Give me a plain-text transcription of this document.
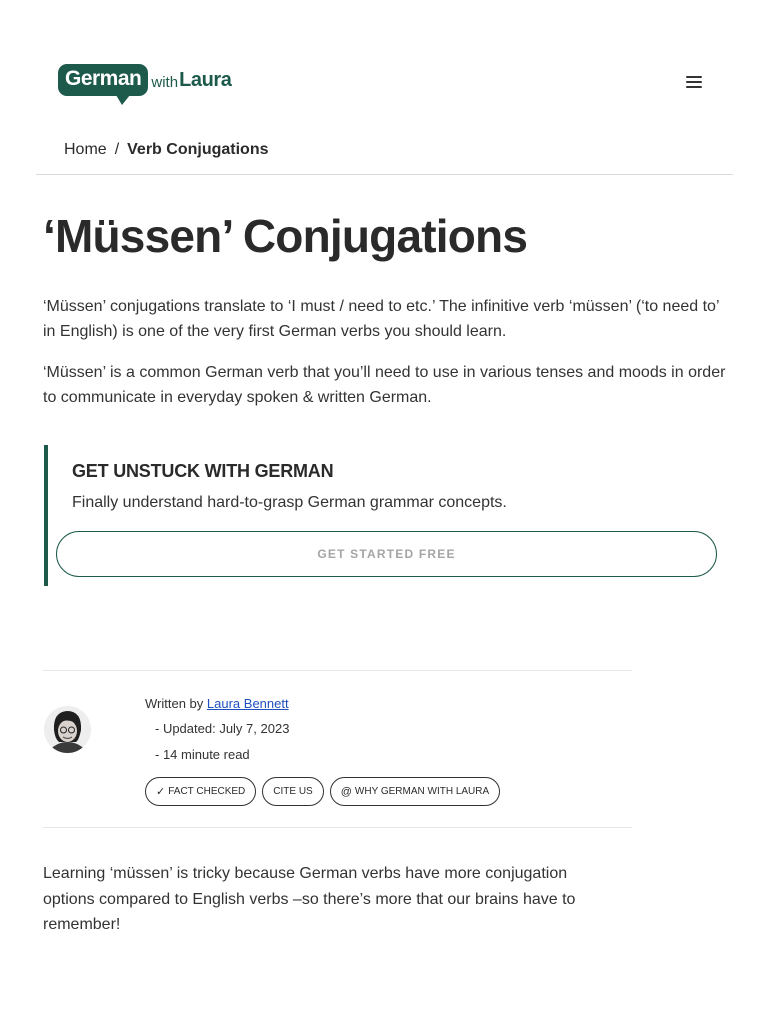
German with Laura
Home / Verb Conjugations
‘Müssen’ Conjugations

‘Müssen’ conjugations translate to ‘I must / need to etc.’ The infinitive verb ‘müssen’ (‘to need to’ in English) is one of the very first German verbs you should learn.

‘Müssen’ is a common German verb that you’ll need to use in various tenses and moods in order to communicate in everyday spoken & written German.

GET UNSTUCK WITH GERMAN
Finally understand hard-to-grasp German grammar concepts.
GET STARTED FREE
Written by Laura Bennett
- Updated: July 7, 2023
- 14 minute read
✓ FACT CHECKED	CITE US	@ WHY GERMAN WITH LAURA

Learning ‘müssen’ is tricky because German verbs have more conjugation options compared to English verbs –so there’s more that our brains have to remember!
